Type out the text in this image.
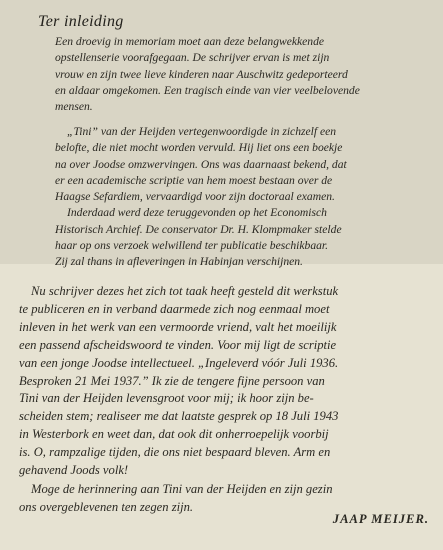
Ter inleiding

Een droevig in memoriam moet aan deze belangwekkende
opstellenserie voorafgegaan. De schrijver ervan is met zijn
vrouw en zijn twee lieve kinderen naar Auschwitz gedeporteerd
en aldaar omgekomen. Een tragisch einde van vier veelbelovende
mensen.

„Tini” van der Heijden vertegenwoordigde in zichzelf een
belofte, die niet mocht worden vervuld. Hij liet ons een boekje
na over Joodse omzwervingen. Ons was daarnaast bekend, dat
er een academische scriptie van hem moest bestaan over de
Haagse Sefardiem, vervaardigd voor zijn doctoraal examen.
Inderdaad werd deze teruggevonden op het Economisch
Historisch Archief. De conservator Dr. H. Klompmaker stelde
haar op ons verzoek welwillend ter publicatie beschikbaar.
Zij zal thans in afleveringen in Habinjan verschijnen.

Nu schrijver dezes het zich tot taak heeft gesteld dit werkstuk
te publiceren en in verband daarmede zich nog eenmaal moet
inleven in het werk van een vermoorde vriend, valt het moeilijk
een passend afscheidswoord te vinden. Voor mij ligt de scriptie
van een jonge Joodse intellectueel. „Ingeleverd vóór Juli 1936.
Besproken 21 Mei 1937.” Ik zie de tengere fijne persoon van
Tini van der Heijden levensgroot voor mij; ik hoor zijn be-
scheiden stem; realiseer me dat laatste gesprek op 18 Juli 1943
in Westerbork en weet dan, dat ook dit onherroepelijk voorbij
is. O, rampzalige tijden, die ons niet bespaard bleven. Arm en
gehavend Joods volk!

Moge de herinnering aan Tini van der Heijden en zijn gezin
ons overgeblevenen ten zegen zijn.

JAAP MEIJER.
